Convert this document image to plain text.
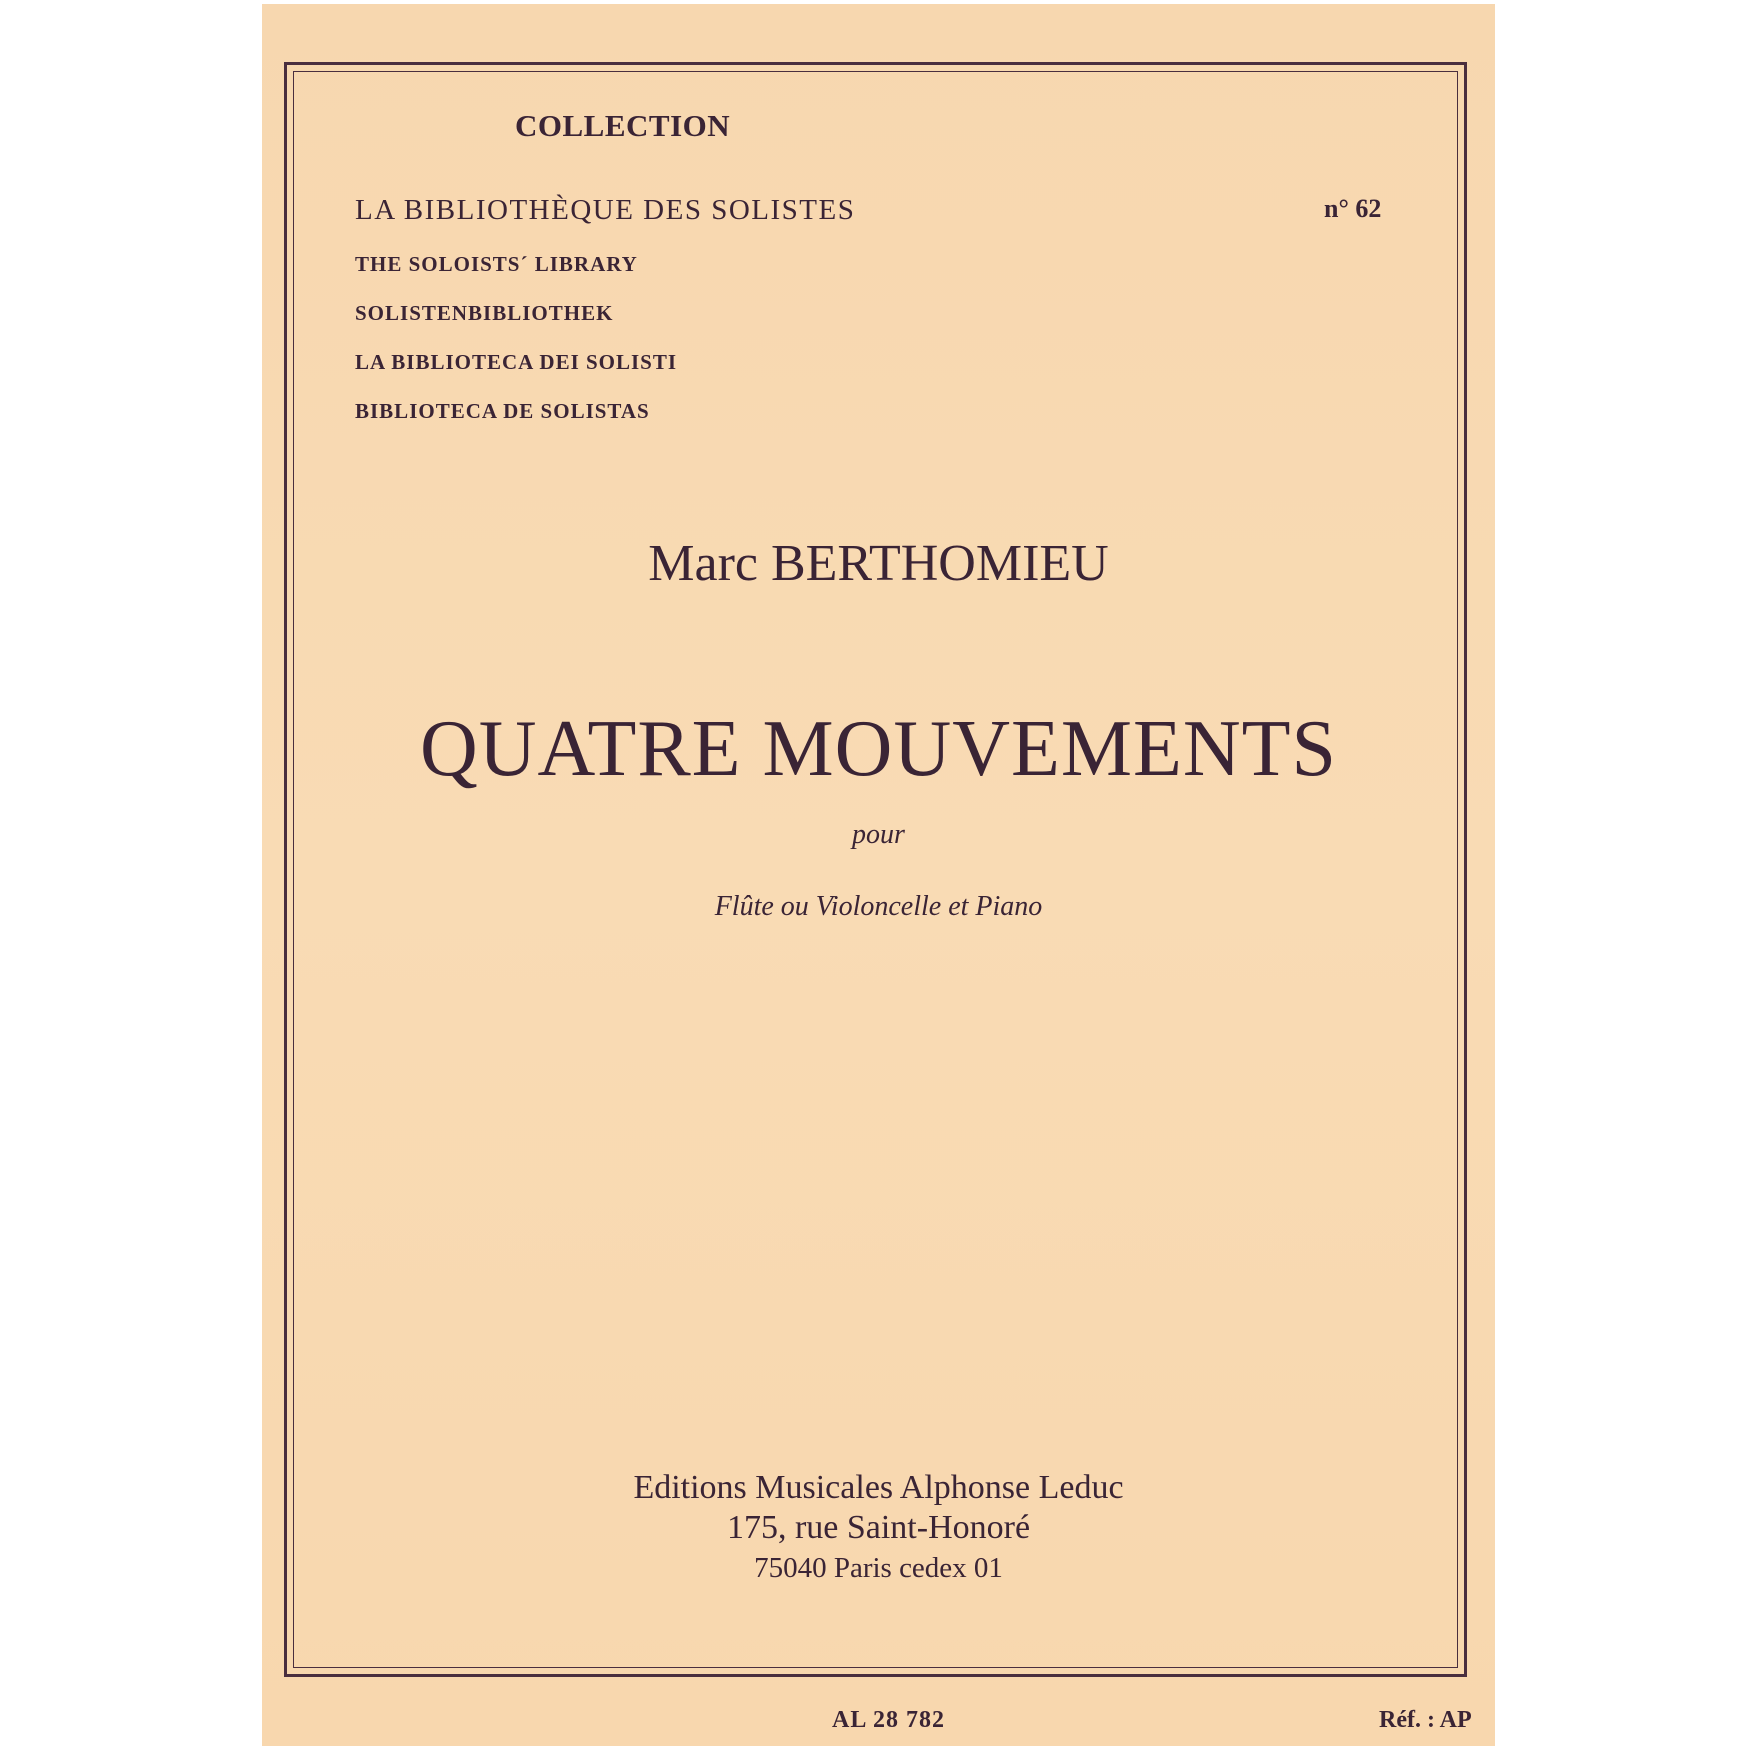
COLLECTION
LA BIBLIOTHÈQUE DES SOLISTES	n° 62
THE SOLOISTS´ LIBRARY
SOLISTENBIBLIOTHEK
LA BIBLIOTECA DEI SOLISTI
BIBLIOTECA DE SOLISTAS
Marc BERTHOMIEU
QUATRE MOUVEMENTS
pour
Flûte ou Violoncelle et Piano
Editions Musicales Alphonse Leduc
175, rue Saint-Honoré
75040 Paris cedex 01
AL 28 782	Réf. : AP
